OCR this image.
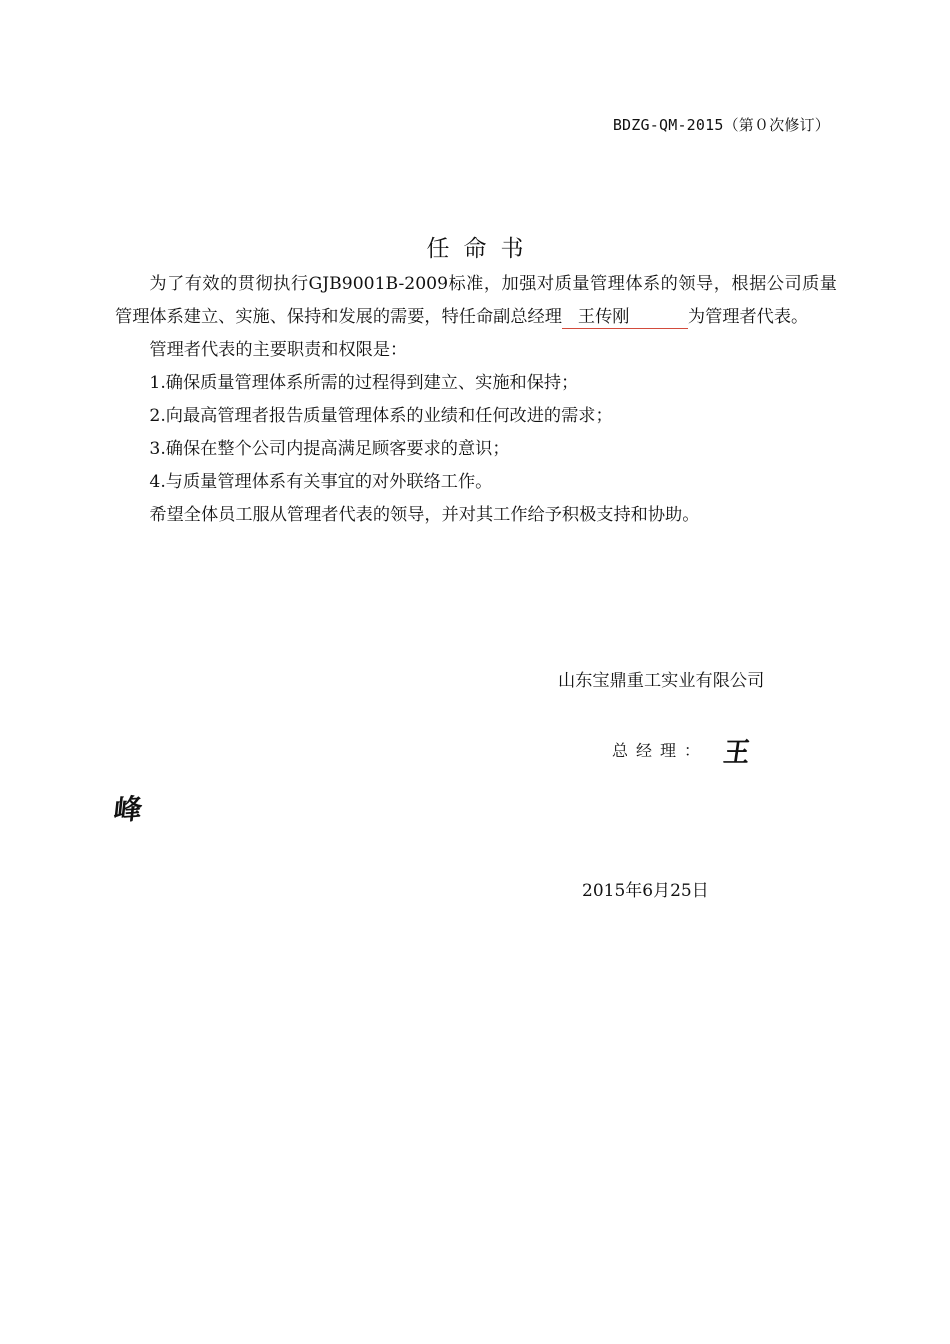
BDZG-QM-2015（第０次修订）
任命书

为了有效的贯彻执行GJB9001B-2009标准，加强对质量管理体系的领导，根据公司质量管理体系建立、实施、保持和发展的需要，特任命副总经理 王传刚	为管理者代表。

管理者代表的主要职责和权限是：

1.确保质量管理体系所需的过程得到建立、实施和保持；

2.向最高管理者报告质量管理体系的业绩和任何改进的需求；

3.确保在整个公司内提高满足顾客要求的意识；

4.与质量管理体系有关事宜的对外联络工作。

希望全体员工服从管理者代表的领导，并对其工作给予积极支持和协助。

山东宝鼎重工实业有限公司
总经理： 王
峰
2015年6月25日
